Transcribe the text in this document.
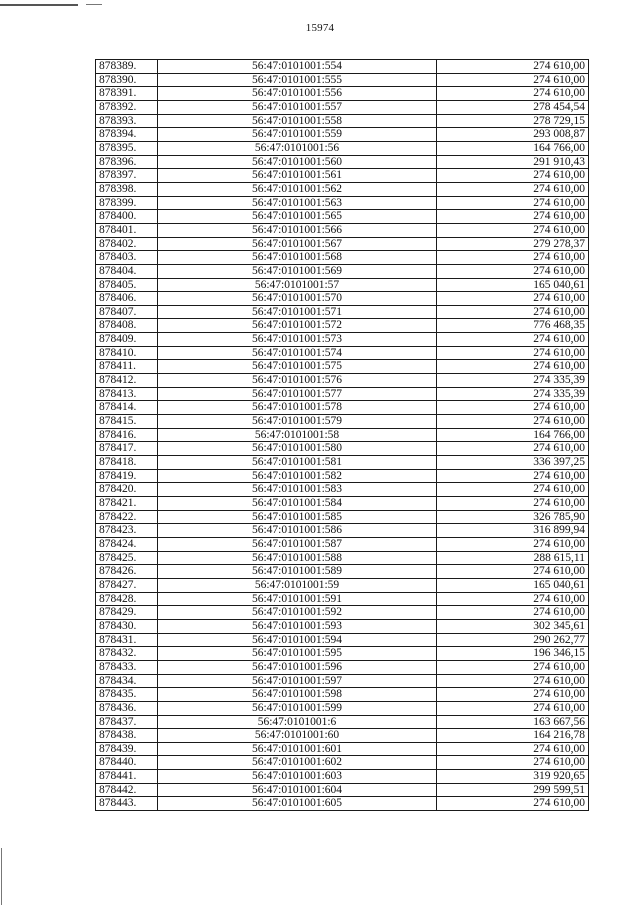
15974
878389.	56:47:0101001:554	274 610,00
878390.	56:47:0101001:555	274 610,00
878391.	56:47:0101001:556	274 610,00
878392.	56:47:0101001:557	278 454,54
878393.	56:47:0101001:558	278 729,15
878394.	56:47:0101001:559	293 008,87
878395.	56:47:0101001:56	164 766,00
878396.	56:47:0101001:560	291 910,43
878397.	56:47:0101001:561	274 610,00
878398.	56:47:0101001:562	274 610,00
878399.	56:47:0101001:563	274 610,00
878400.	56:47:0101001:565	274 610,00
878401.	56:47:0101001:566	274 610,00
878402.	56:47:0101001:567	279 278,37
878403.	56:47:0101001:568	274 610,00
878404.	56:47:0101001:569	274 610,00
878405.	56:47:0101001:57	165 040,61
878406.	56:47:0101001:570	274 610,00
878407.	56:47:0101001:571	274 610,00
878408.	56:47:0101001:572	776 468,35
878409.	56:47:0101001:573	274 610,00
878410.	56:47:0101001:574	274 610,00
878411.	56:47:0101001:575	274 610,00
878412.	56:47:0101001:576	274 335,39
878413.	56:47:0101001:577	274 335,39
878414.	56:47:0101001:578	274 610,00
878415.	56:47:0101001:579	274 610,00
878416.	56:47:0101001:58	164 766,00
878417.	56:47:0101001:580	274 610,00
878418.	56:47:0101001:581	336 397,25
878419.	56:47:0101001:582	274 610,00
878420.	56:47:0101001:583	274 610,00
878421.	56:47:0101001:584	274 610,00
878422.	56:47:0101001:585	326 785,90
878423.	56:47:0101001:586	316 899,94
878424.	56:47:0101001:587	274 610,00
878425.	56:47:0101001:588	288 615,11
878426.	56:47:0101001:589	274 610,00
878427.	56:47:0101001:59	165 040,61
878428.	56:47:0101001:591	274 610,00
878429.	56:47:0101001:592	274 610,00
878430.	56:47:0101001:593	302 345,61
878431.	56:47:0101001:594	290 262,77
878432.	56:47:0101001:595	196 346,15
878433.	56:47:0101001:596	274 610,00
878434.	56:47:0101001:597	274 610,00
878435.	56:47:0101001:598	274 610,00
878436.	56:47:0101001:599	274 610,00
878437.	56:47:0101001:6	163 667,56
878438.	56:47:0101001:60	164 216,78
878439.	56:47:0101001:601	274 610,00
878440.	56:47:0101001:602	274 610,00
878441.	56:47:0101001:603	319 920,65
878442.	56:47:0101001:604	299 599,51
878443.	56:47:0101001:605	274 610,00
